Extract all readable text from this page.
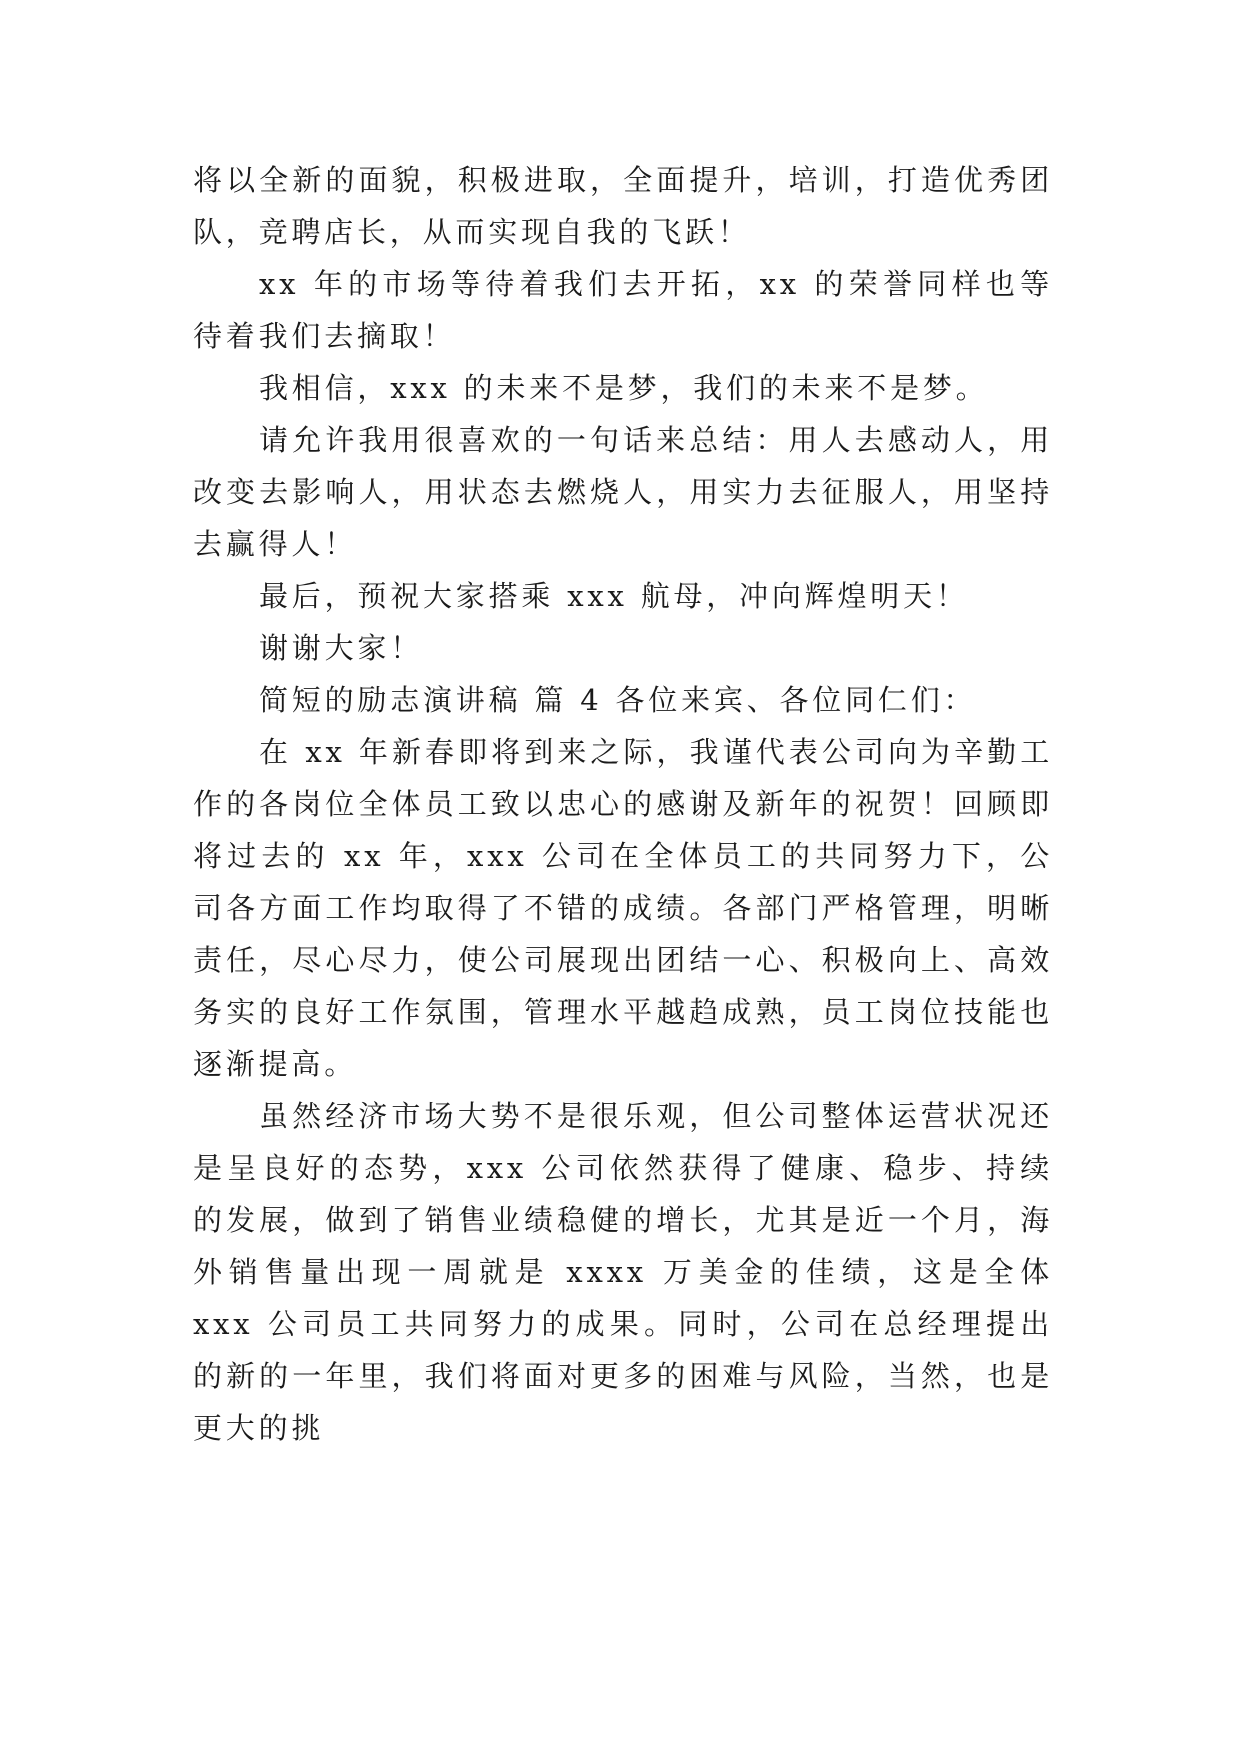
将以全新的面貌，积极进取，全面提升，培训，打造优秀团队，竞聘店长，从而实现自我的飞跃！

xx 年的市场等待着我们去开拓，xx 的荣誉同样也等待着我们去摘取！

我相信，xxx 的未来不是梦，我们的未来不是梦。

请允许我用很喜欢的一句话来总结：用人去感动人，用改变去影响人，用状态去燃烧人，用实力去征服人，用坚持去赢得人！

最后，预祝大家搭乘 xxx 航母，冲向辉煌明天！

谢谢大家！

简短的励志演讲稿 篇 4 各位来宾、各位同仁们：

在 xx 年新春即将到来之际，我谨代表公司向为辛勤工作的各岗位全体员工致以忠心的感谢及新年的祝贺！回顾即将过去的 xx 年，xxx 公司在全体员工的共同努力下，公司各方面工作均取得了不错的成绩。各部门严格管理，明晰责任，尽心尽力，使公司展现出团结一心、积极向上、高效务实的良好工作氛围，管理水平越趋成熟，员工岗位技能也逐渐提高。

虽然经济市场大势不是很乐观，但公司整体运营状况还是呈良好的态势，xxx 公司依然获得了健康、稳步、持续的发展，做到了销售业绩稳健的增长，尤其是近一个月，海外销售量出现一周就是 xxxx 万美金的佳绩，这是全体 xxx 公司员工共同努力的成果。同时，公司在总经理提出的新的一年里，我们将面对更多的困难与风险，当然，也是更大的挑
